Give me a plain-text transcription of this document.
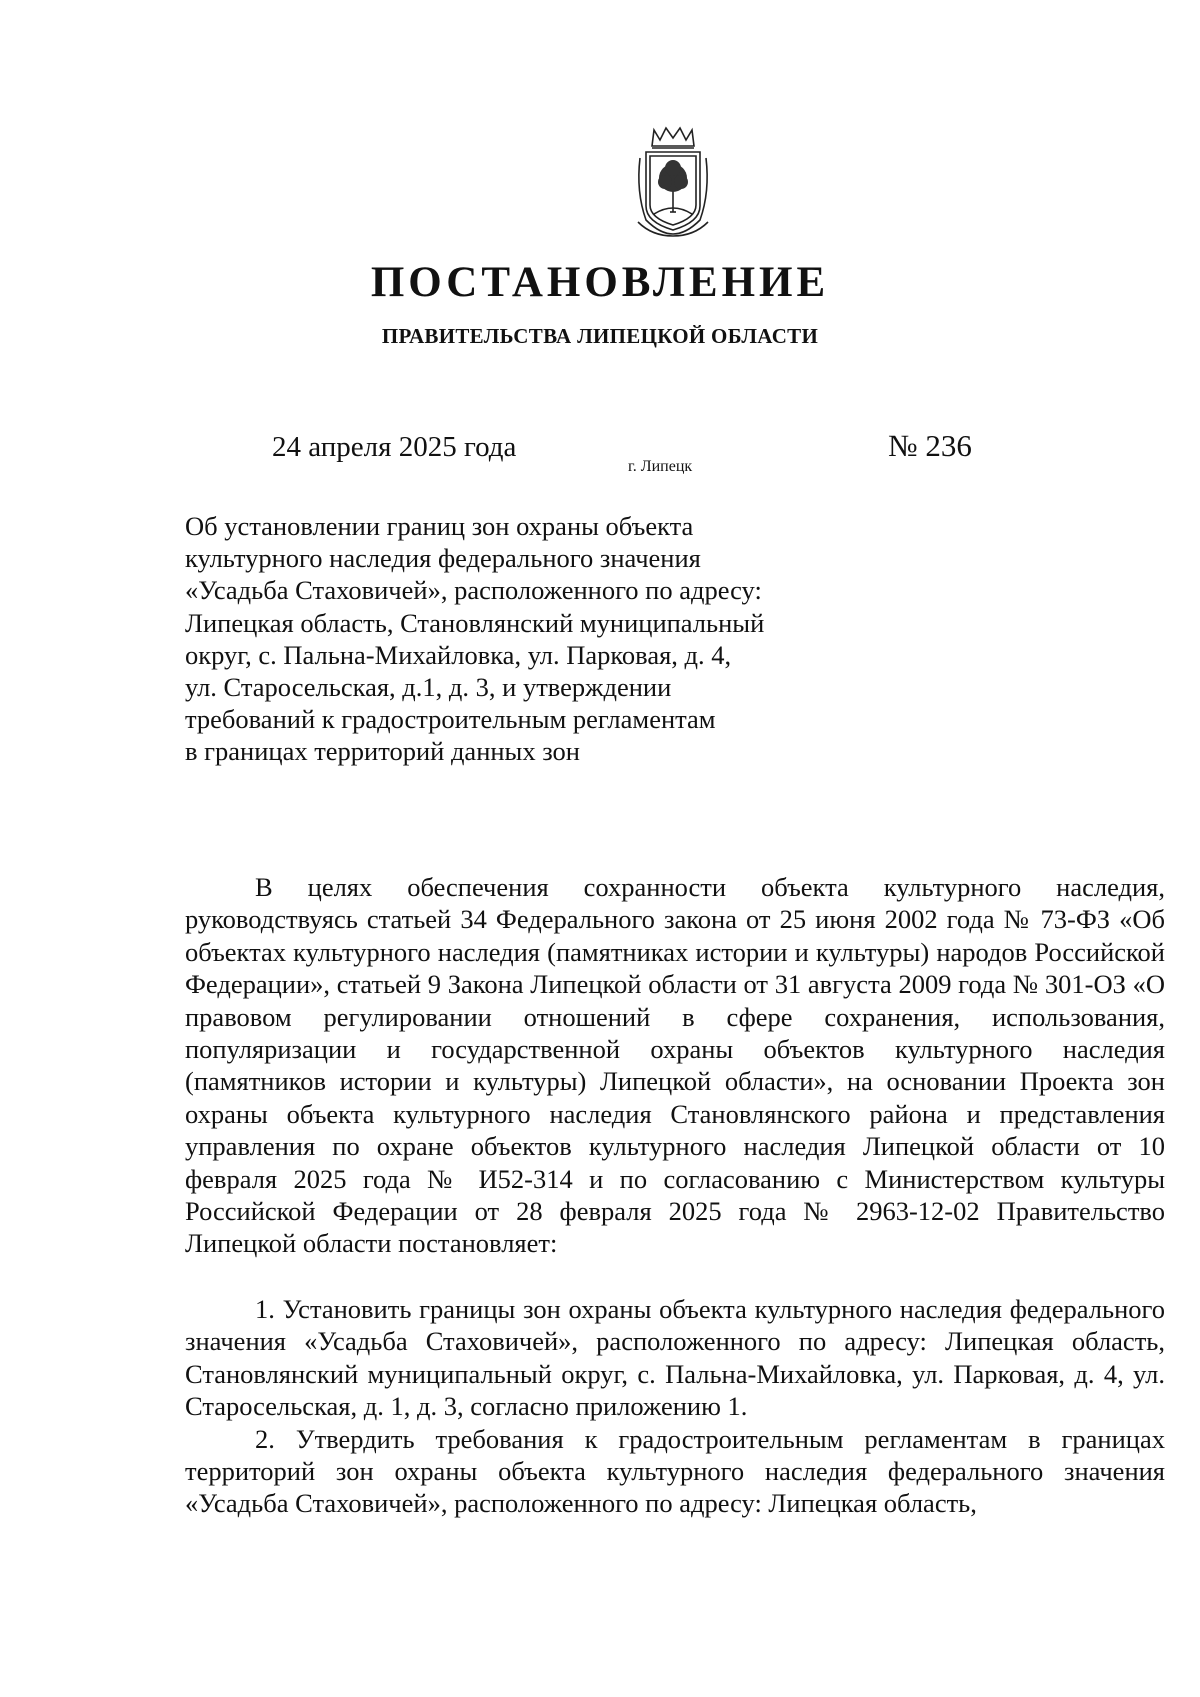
ПОСТАНОВЛЕНИЕ
ПРАВИТЕЛЬСТВА ЛИПЕЦКОЙ ОБЛАСТИ
24 апреля 2025 года
г. Липецк
№ 236
Об установлении границ зон охраны объекта
культурного наследия федерального значения
«Усадьба Стаховичей», расположенного по адресу:
Липецкая область, Становлянский муниципальный
округ, с. Пальна-Михайловка, ул. Парковая, д. 4,
ул. Старосельская, д.1, д. 3, и утверждении
требований к градостроительным регламентам
в границах территорий данных зон

В целях обеспечения сохранности объекта культурного наследия, руководствуясь статьей 34 Федерального закона от 25 июня 2002 года № 73-ФЗ «Об объектах культурного наследия (памятниках истории и культуры) народов Российской Федерации», статьей 9 Закона Липецкой области от 31 августа 2009 года № 301-ОЗ «О правовом регулировании отношений в сфере сохранения, использования, популяризации и государственной охраны объектов культурного наследия (памятников истории и культуры) Липецкой области», на основании Проекта зон охраны объекта культурного наследия Становлянского района и представления управления по охране объектов культурного наследия Липецкой области от 10 февраля 2025 года № И52-314 и по согласованию с Министерством культуры Российской Федерации от 28 февраля 2025 года № 2963-12-02 Правительство Липецкой области постановляет:

1. Установить границы зон охраны объекта культурного наследия федерального значения «Усадьба Стаховичей», расположенного по адресу: Липецкая область, Становлянский муниципальный округ, с. Пальна-Михайловка, ул. Парковая, д. 4, ул. Старосельская, д. 1, д. 3, согласно приложению 1.

2. Утвердить требования к градостроительным регламентам в границах территорий зон охраны объекта культурного наследия федерального значения «Усадьба Стаховичей», расположенного по адресу: Липецкая область,
